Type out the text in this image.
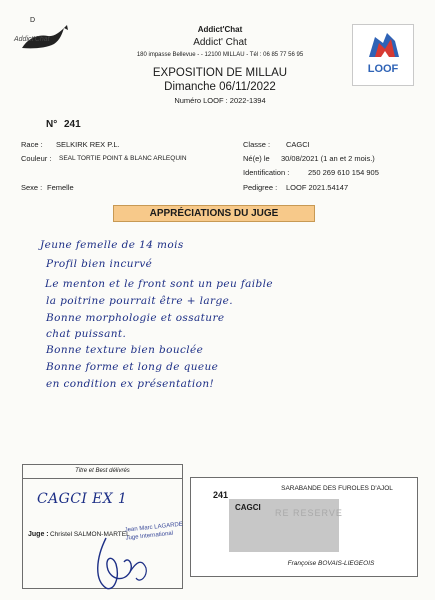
D
Addict'Chat
Addict'Chat
Addict' Chat
180 impasse Bellevue - - 12100 MILLAU - Tél : 06 85 77 56 95
EXPOSITION DE MILLAU
Dimanche 06/11/2022
Numéro LOOF : 2022-1394
LOOF
N° 241
Race : SELKIRK REX P.L.
Couleur : SEAL TORTIE POINT & BLANC ARLEQUIN
Sexe : Femelle
Classe : CAGCI
Né(e) le 30/08/2021 (1 an et 2 mois.)
Identification : 250 269 610 154 905
Pedigree : LOOF 2021.54147
APPRÉCIATIONS DU JUGE
Jeune femelle de 14 mois
Profil bien incurvé
Le menton et le front sont un peu faible
la poitrine pourrait être + large.
Bonne morphologie et ossature
chat puissant.
Bonne texture bien bouclée
Bonne forme et long de queue
en condition ex présentation!
Titre et Best délivrés
CAGCI EX 1
Juge : Christel SALMON-MARTEL
Jean Marc LAGARDE Juge International
241
SARABANDE DES FUROLES D'AJOL
CAGCI
RE RESERVE
Françoise BOVAIS-LIEGEOIS
